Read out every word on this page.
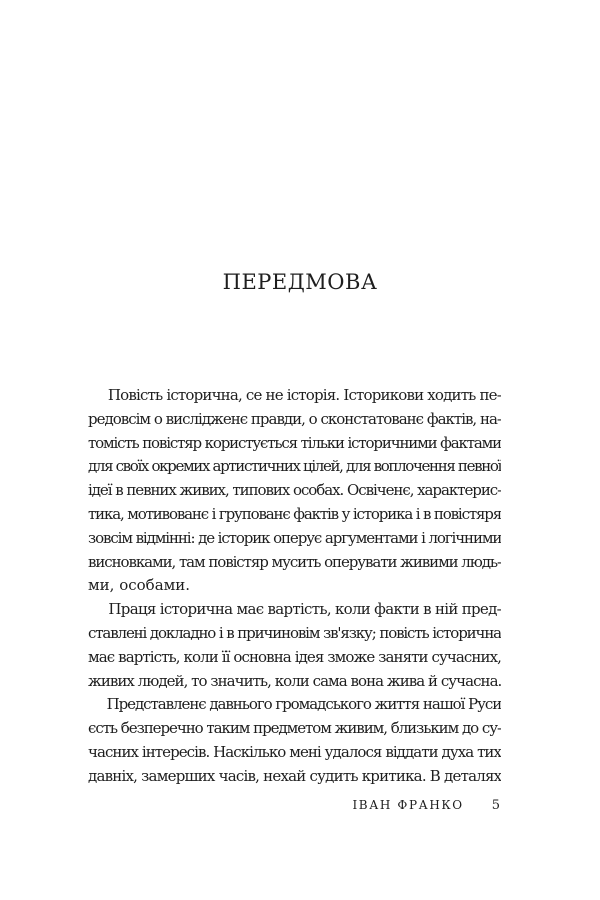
ПЕРЕДМОВА
Повість історична, се не історія. Історикови ходить пе-
редовсім о вислідженє правди, о сконстатованє фактів, на-
томість повістяр користується тільки історичними фактами
для своїх окремих артистичних цілей, для воплочення певної
ідеї в певних живих, типових особах. Освіченє, характерис-
тика, мотивованє і групованє фактів у історика і в повістяря
зовсім відмінні: де історик оперує аргументами і логічними
висновками, там повістяр мусить оперувати живими людь-
ми, особами.
Праця історична має вартість, коли факти в ній пред-
ставлені докладно і в причиновім зв'язку; повість історична
має вартість, коли її основна ідея зможе заняти сучасних,
живих людей, то значить, коли сама вона жива й сучасна.
Представленє давнього громадського життя нашої Руси
єсть безперечно таким предметом живим, близьким до су-
часних інтересів. Наскілько мені удалося віддати духа тих
давніх, замерших часів, нехай судить критика. В деталях
ІВАН ФРАНКО 5
